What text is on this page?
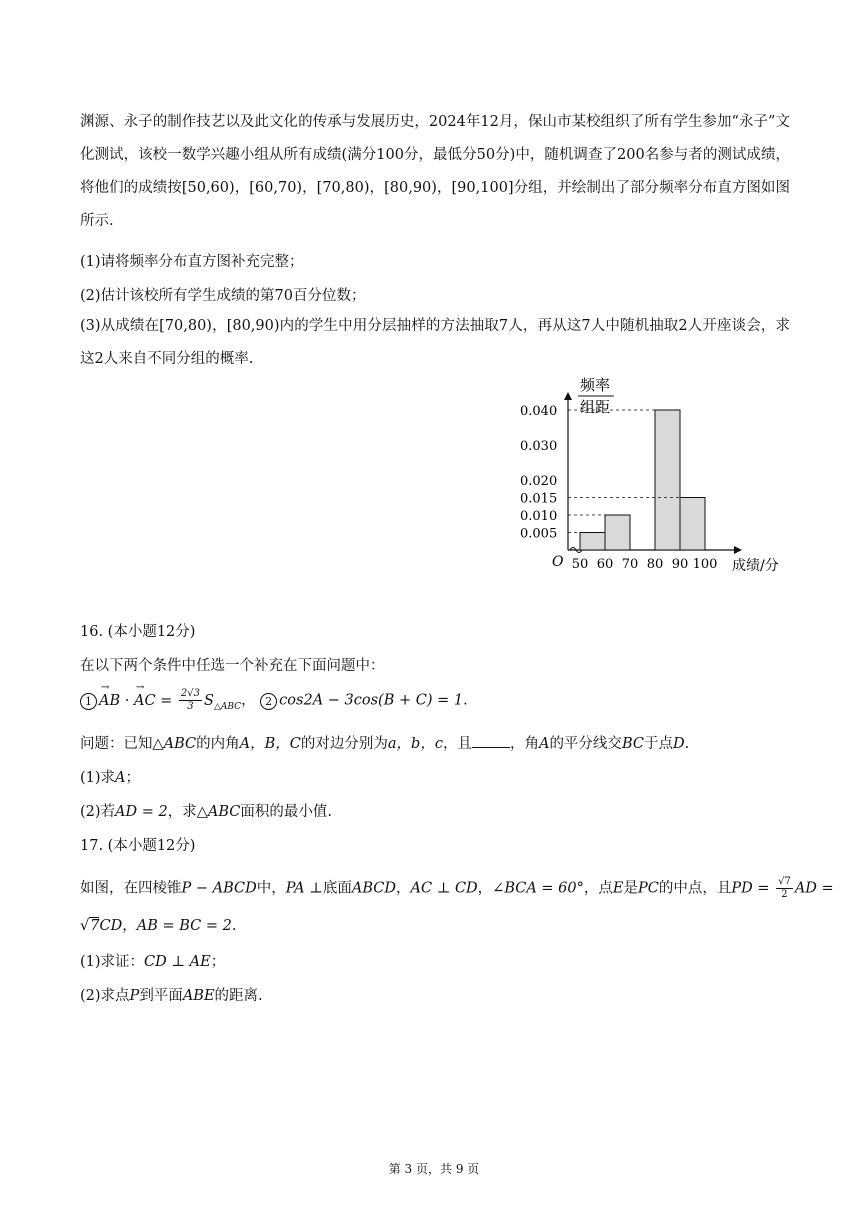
渊源、永子的制作技艺以及此文化的传承与发展历史，2024年12月，保山市某校组织了所有学生参加“永子”文化测试，该校一数学兴趣小组从所有成绩(满分100分，最低分50分)中，随机调查了200名参与者的测试成绩，将他们的成绩按[50,60)，[60,70)，[70,80)，[80,90)，[90,100]分组，并绘制出了部分频率分布直方图如图所示.

(1)请将频率分布直方图补充完整；
(2)估计该校所有学生成绩的第70百分位数；

(3)从成绩在[70,80)，[80,90)内的学生中用分层抽样的方法抽取7人，再从这7人中随机抽取2人开座谈会，求这2人来自不同分组的概率.

频率
组距
O	成绩/分
0.040
0.030
0.020
0.015
0.010
0.005
50 60 70 80 90 100
16. (本小题12分)
在以下两个条件中任选一个补充在下面问题中：
1→ AB · → AC = $\frac{2√3}{3} S_{\triangle ABC}$， 2 cos2A − 3cos(B + C) = 1.
问题：已知△ABC的内角A，B，C的对边分别为a，b，c，且	，角A的平分线交BC于点D.
(1)求A；
(2)若AD = 2，求△ABC面积的最小值.
17. (本小题12分)
如图，在四棱锥P − ABCD中，PA ⊥底面ABCD，AC ⊥ CD，∠BCA = 60°，点E是PC的中点，且PD = $\frac{√7}{2}$ AD =
√7CD，AB = BC = 2.
(1)求证：CD ⊥ AE；
(2)求点P到平面ABE的距离.
第 3 页，共 9 页
